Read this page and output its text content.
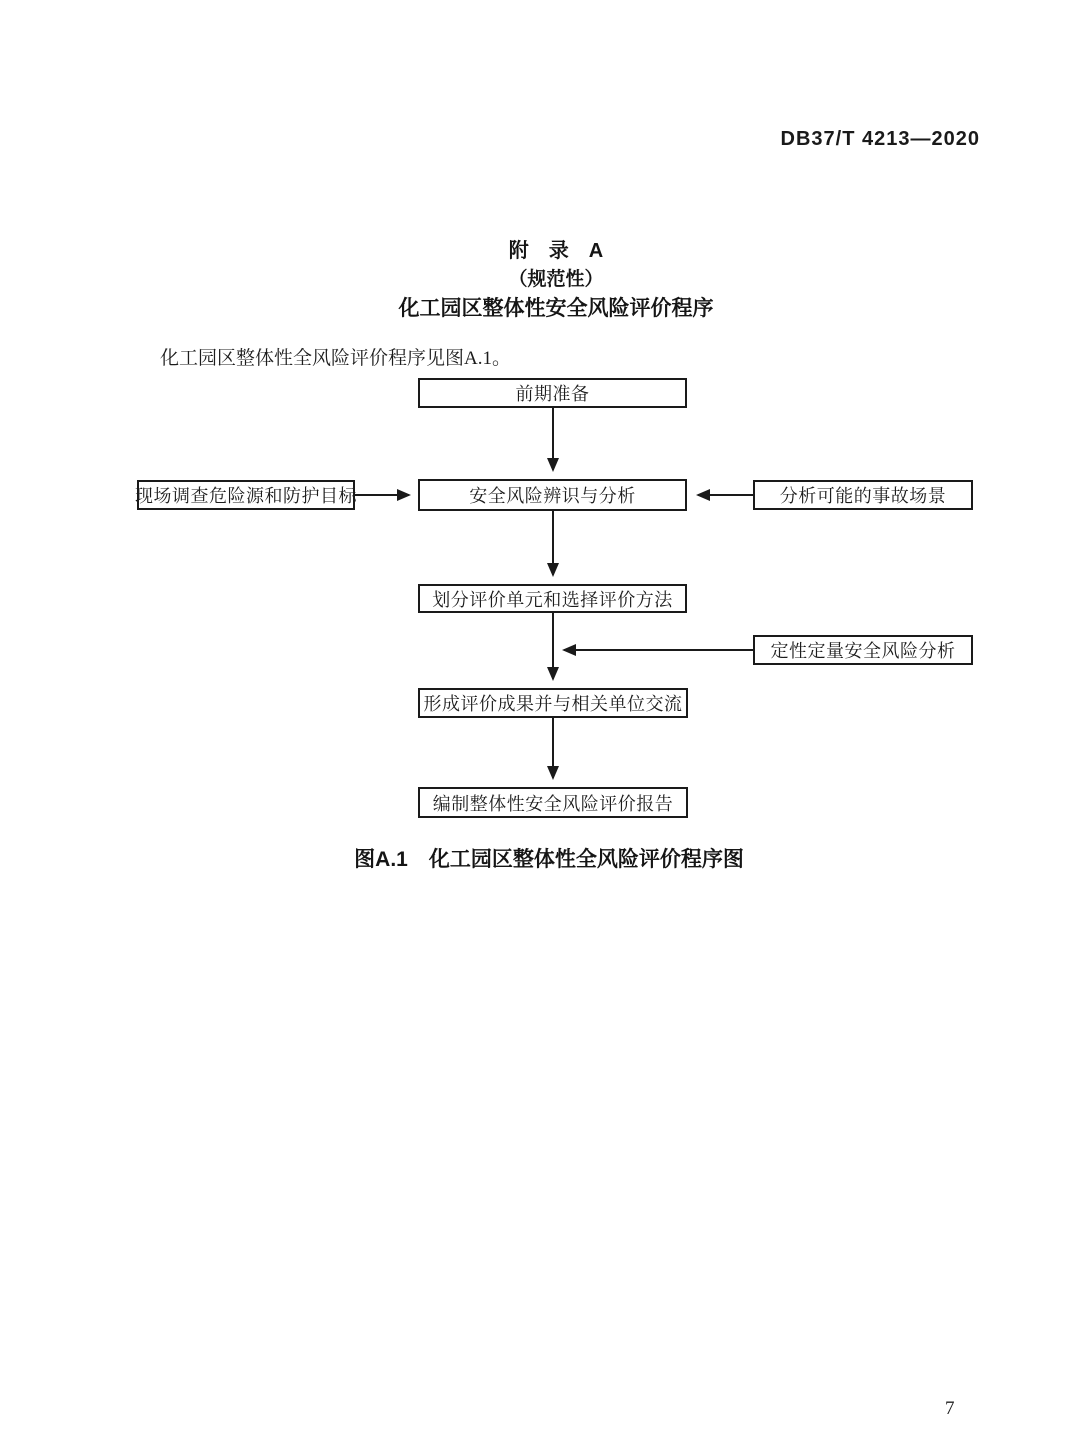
DB37/T 4213—2020
附　录　A
（规范性）
化工园区整体性安全风险评价程序

化工园区整体性全风险评价程序见图A.1。

前期准备
现场调查危险源和防护目标	安全风险辨识与分析	分析可能的事故场景
划分评价单元和选择评价方法
定性定量安全风险分析
形成评价成果并与相关单位交流
编制整体性安全风险评价报告
图A.1　化工园区整体性全风险评价程序图
7
